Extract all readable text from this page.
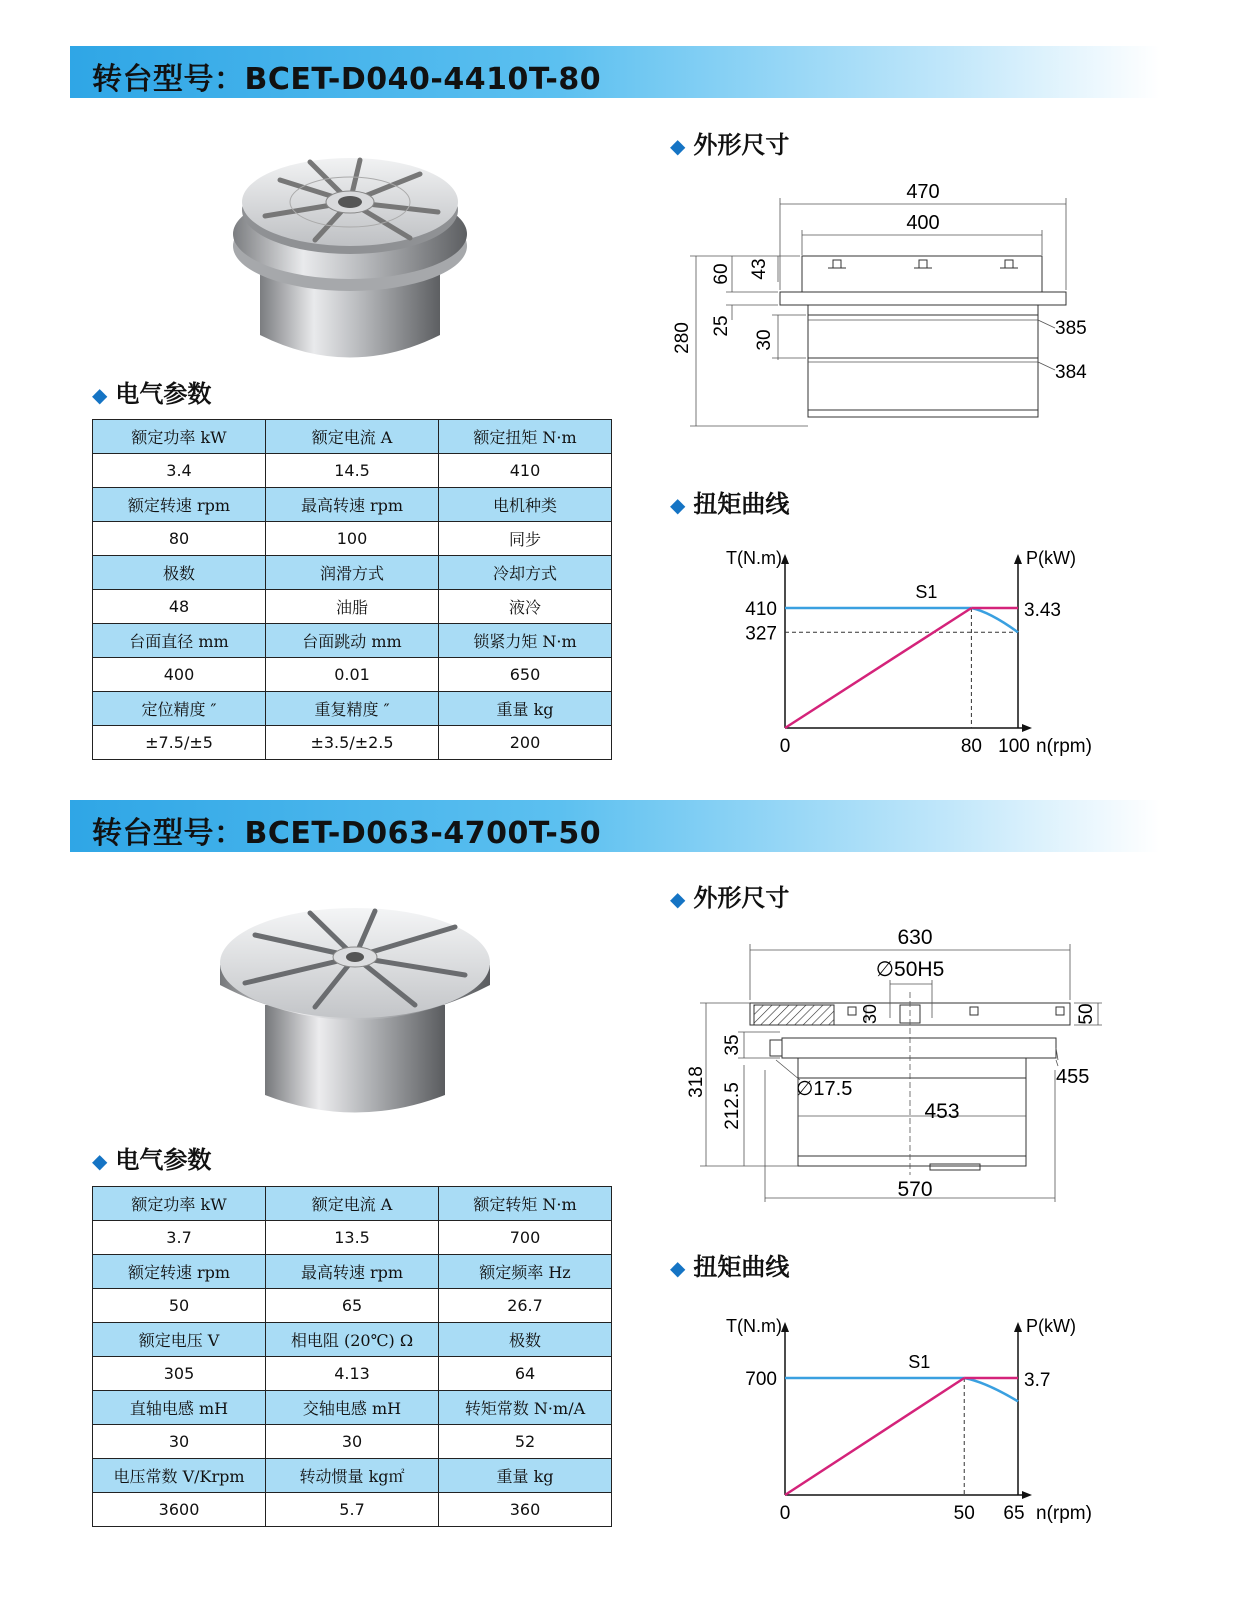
转台型号：BCET-D040-4410T-80
◆ 电气参数
额定功率 kW	额定电流 A	额定扭矩 N·m
3.4	14.5	410
额定转速 rpm	最高转速 rpm	电机种类
80	100	同步
极数	润滑方式	冷却方式
48	油脂	液冷
台面直径 mm	台面跳动 mm	锁紧力矩 N·m
400	0.01	650
定位精度 ″	重复精度 ″	重量 kg
±7.5/±5	±3.5/±2.5	200
◆ 外形尺寸
470
400
60 43
25
30
280	385
384
◆ 扭矩曲线
327
410	3.43
T(N.m)	P(kW)
S1
0	80 100 n(rpm)
转台型号：BCET-D063-4700T-50
◆ 电气参数
额定功率 kW	额定电流 A	额定转矩 N·m
3.7	13.5	700
额定转速 rpm	最高转速 rpm	额定频率 Hz
50	65	26.7
额定电压 V	相电阻 (20℃) Ω	极数
305	4.13	64
直轴电感 mH	交轴电感 mH	转矩常数 N·m/A
30	30	52
电压常数 V/Krpm	转动惯量 kg㎡	重量 kg
3600	5.7	360
◆ 外形尺寸
630
∅50H5
30	50
35
318
212.5	∅17.5
453
455
570
◆ 扭矩曲线
700	3.7
T(N.m)	P(kW)
S1
0	50 65 n(rpm)
